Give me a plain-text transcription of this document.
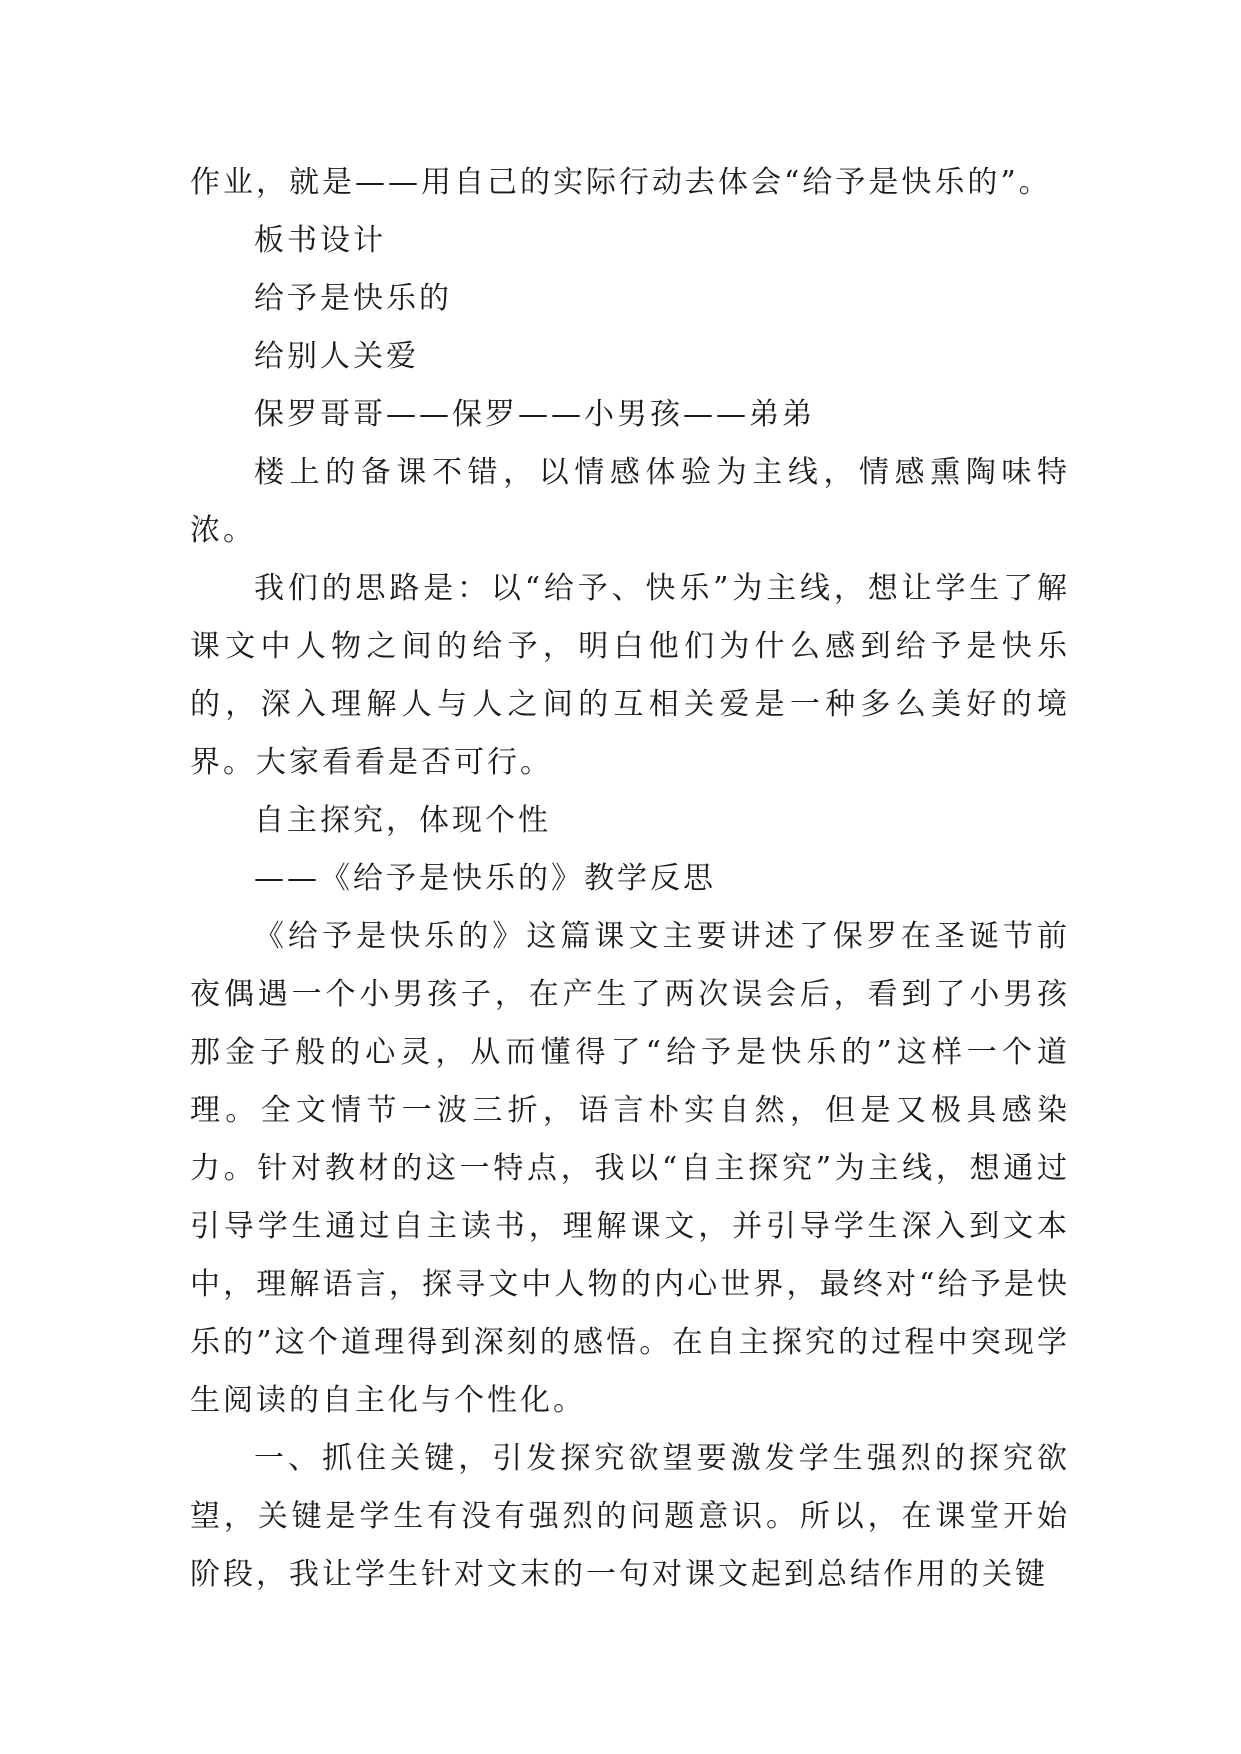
作业，就是——用自己的实际行动去体会“给予是快乐的”。

板书设计

给予是快乐的

给别人关爱

保罗哥哥——保罗——小男孩——弟弟

楼上的备课不错，以情感体验为主线，情感熏陶味特浓。

我们的思路是：以“给予、快乐”为主线，想让学生了解课文中人物之间的给予，明白他们为什么感到给予是快乐的，深入理解人与人之间的互相关爱是一种多么美好的境界。大家看看是否可行。

自主探究，体现个性

——《给予是快乐的》教学反思

《给予是快乐的》这篇课文主要讲述了保罗在圣诞节前夜偶遇一个小男孩子，在产生了两次误会后，看到了小男孩那金子般的心灵，从而懂得了“给予是快乐的”这样一个道理。全文情节一波三折，语言朴实自然，但是又极具感染力。针对教材的这一特点，我以“自主探究”为主线，想通过引导学生通过自主读书，理解课文，并引导学生深入到文本中，理解语言，探寻文中人物的内心世界，最终对“给予是快乐的”这个道理得到深刻的感悟。在自主探究的过程中突现学生阅读的自主化与个性化。

一、抓住关键，引发探究欲望要激发学生强烈的探究欲望，关键是学生有没有强烈的问题意识。所以，在课堂开始阶段，我让学生针对文末的一句对课文起到总结作用的关键
